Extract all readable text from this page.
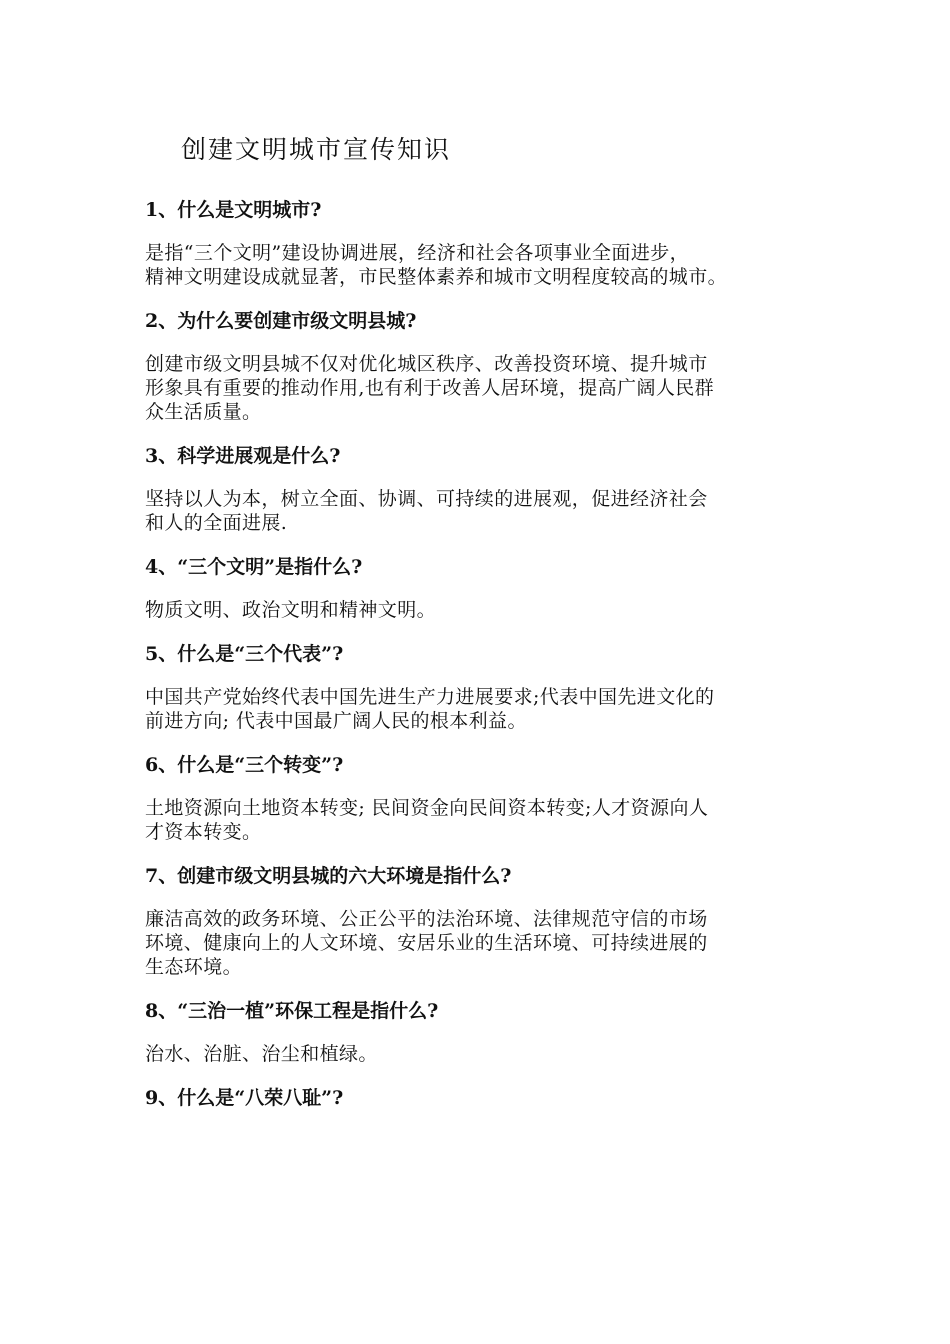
创建文明城市宣传知识

1、什么是文明城市?

是指“三个文明”建设协调进展，经济和社会各项事业全面进步，
精神文明建设成就显著，市民整体素养和城市文明程度较高的城市。

2、为什么要创建市级文明县城?

创建市级文明县城不仅对优化城区秩序、改善投资环境、提升城市
形象具有重要的推动作用,也有利于改善人居环境，提高广阔人民群
众生活质量。

3、科学进展观是什么?

坚持以人为本，树立全面、协调、可持续的进展观，促进经济社会
和人的全面进展.

4、“三个文明”是指什么?

物质文明、政治文明和精神文明。

5、什么是“三个代表”?

中国共产党始终代表中国先进生产力进展要求;代表中国先进文化的
前进方向; 代表中国最广阔人民的根本利益。

6、什么是“三个转变”?

土地资源向土地资本转变; 民间资金向民间资本转变;人才资源向人
才资本转变。

7、创建市级文明县城的六大环境是指什么?

廉洁高效的政务环境、公正公平的法治环境、法律规范守信的市场
环境、健康向上的人文环境、安居乐业的生活环境、可持续进展的
生态环境。

8、“三治一植”环保工程是指什么?

治水、治脏、治尘和植绿。

9、什么是“八荣八耻”?
